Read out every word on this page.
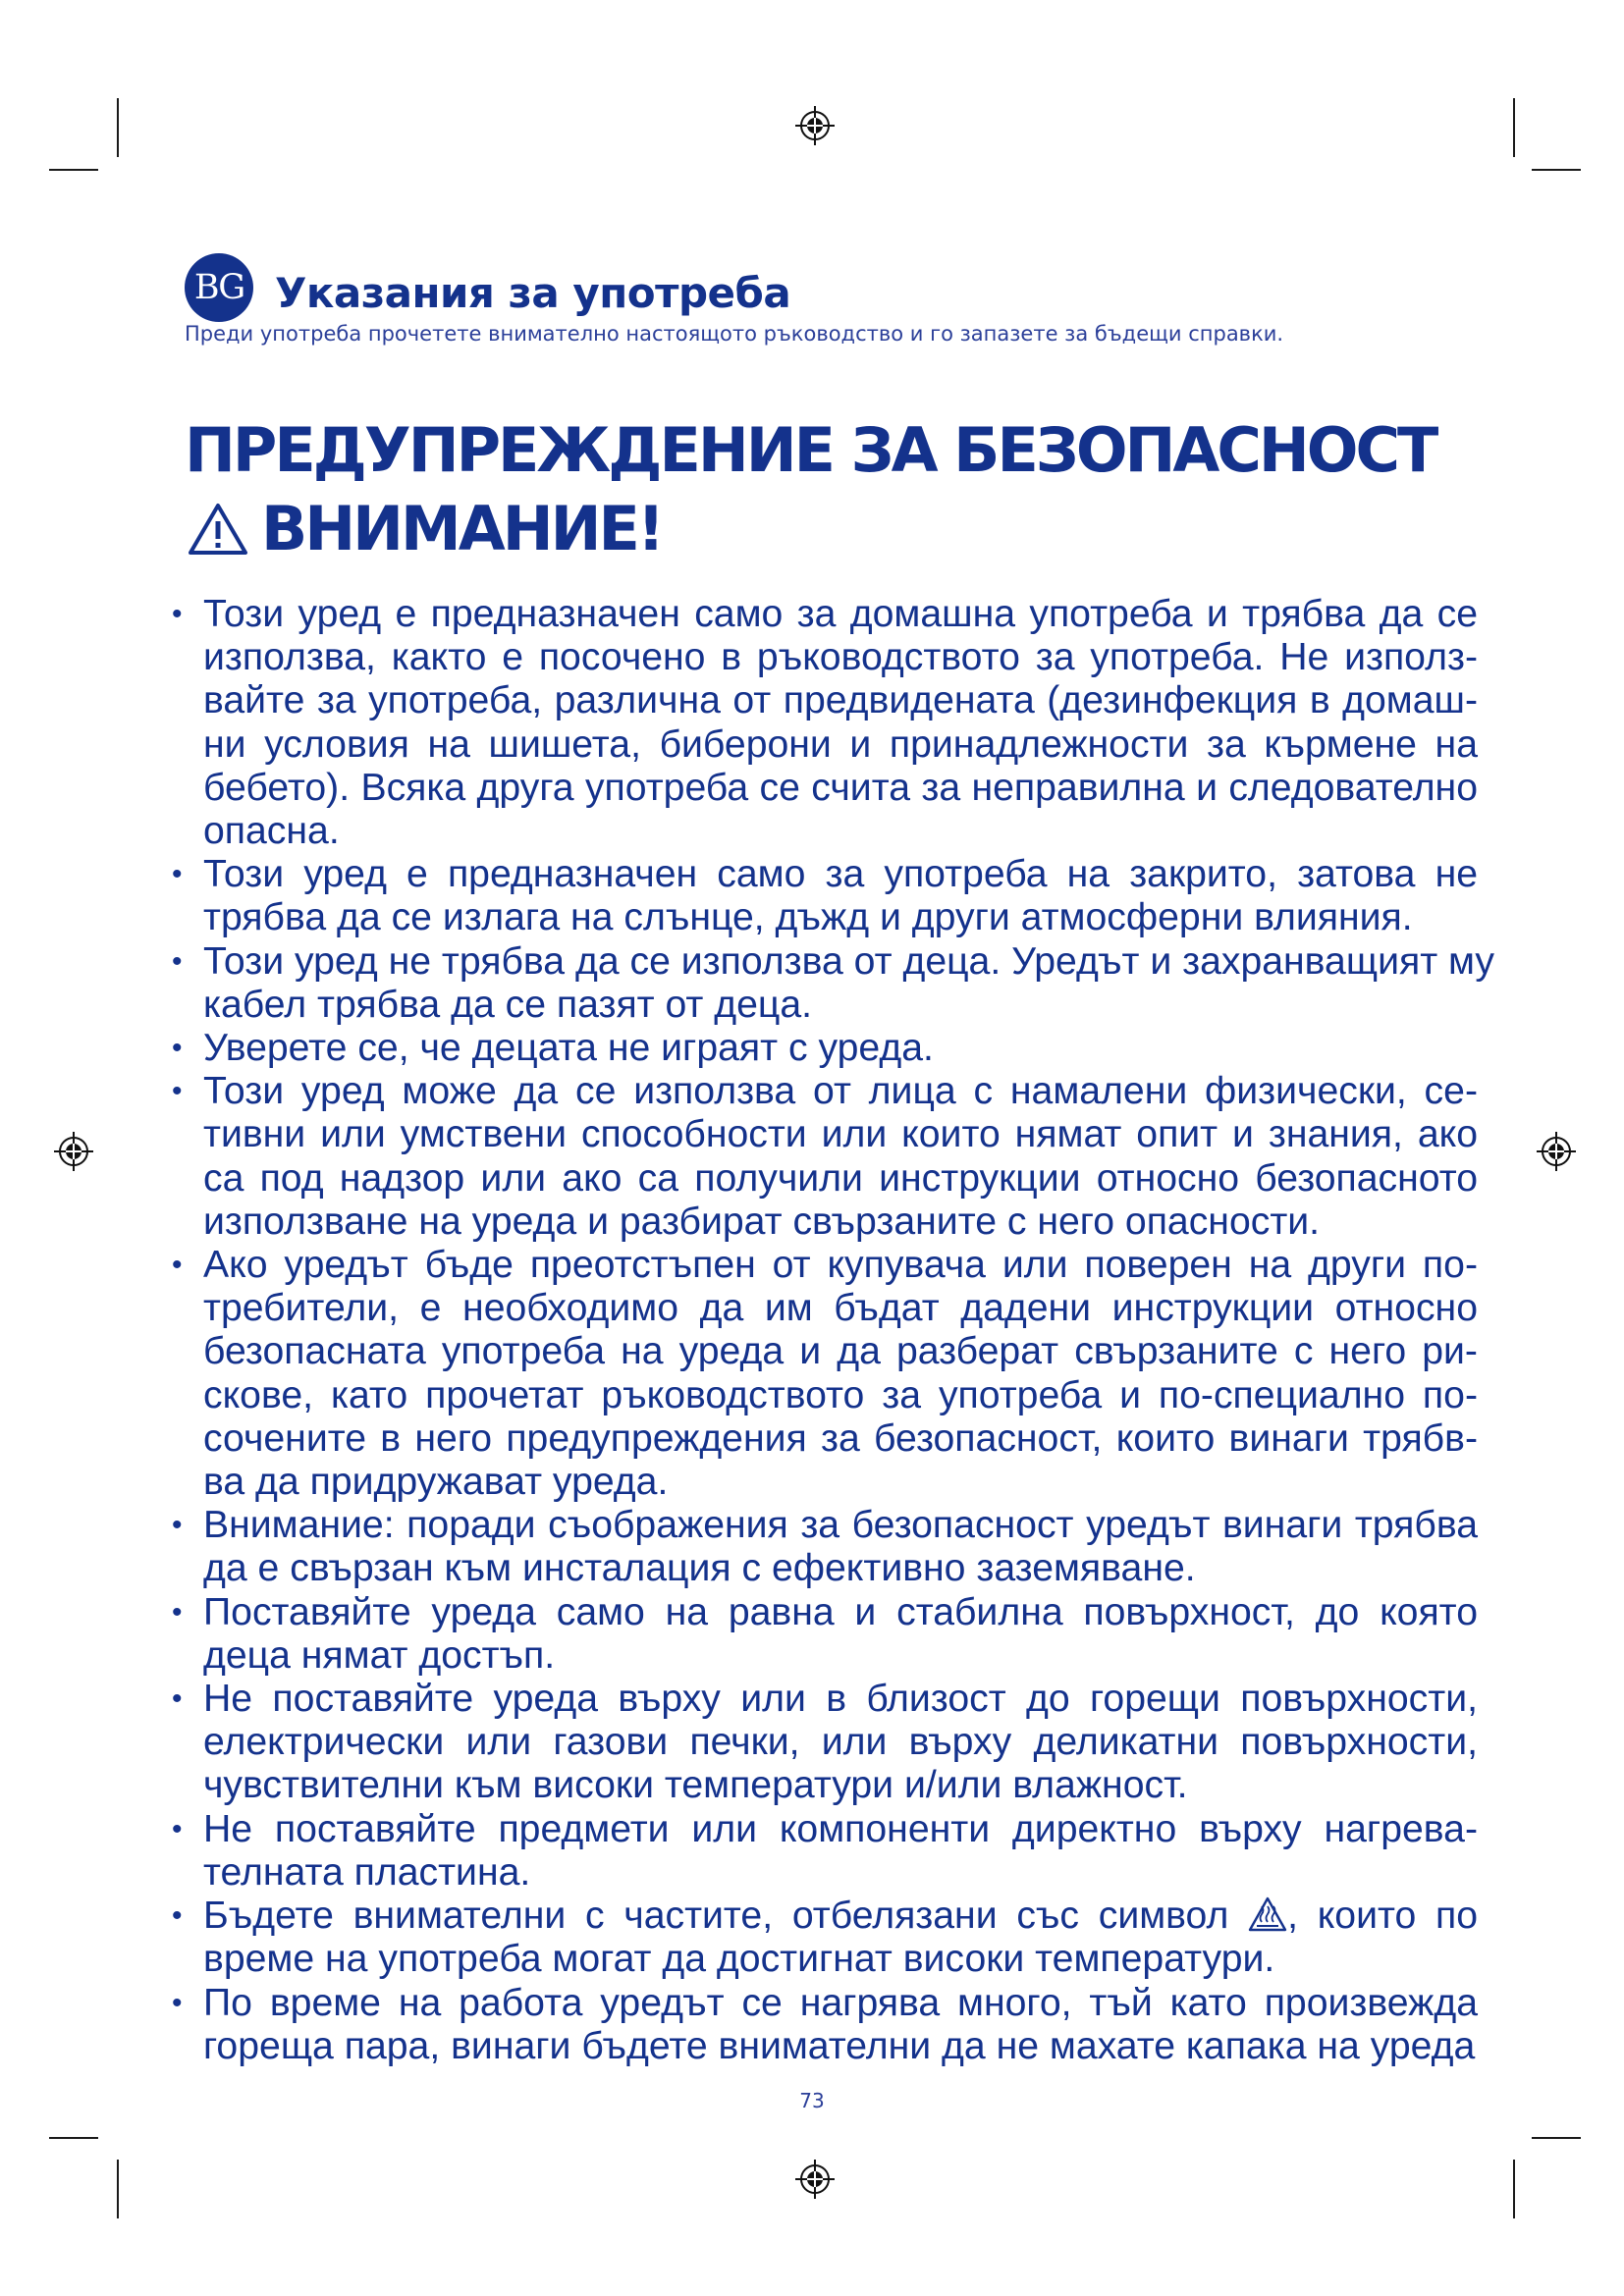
BG Указания за употреба
Преди употреба прочетете внимателно настоящото ръководство и го запазете за бъдещи справки.
ПРЕДУПРЕЖДЕНИЕ ЗА БЕЗОПАСНОСТ
ВНИМАНИЕ!
• Този уред е предназначен само за домашна употреба и трябва да се
използва, както е посочено в ръководството за употреба. Не използ-
вайте за употреба, различна от предвидената (дезинфекция в домаш-
ни условия на шишета, биберони и принадлежности за кърмене на
бебето). Всяка друга употреба се счита за неправилна и следователно
опасна.
• Този уред е предназначен само за употреба на закрито, затова не
трябва да се излага на слънце, дъжд и други атмосферни влияния.
• Този уред не трябва да се използва от деца. Уредът и захранващият му
кабел трябва да се пазят от деца.
• Уверете се, че децата не играят с уреда.
• Този уред може да се използва от лица с намалени физически, се-
тивни или умствени способности или които нямат опит и знания, ако
са под надзор или ако са получили инструкции относно безопасното
използване на уреда и разбират свързаните с него опасности.
• Ако уредът бъде преотстъпен от купувача или поверен на други по-
требители, е необходимо да им бъдат дадени инструкции относно
безопасната употреба на уреда и да разберат свързаните с него ри-
скове, като прочетат ръководството за употреба и по-специално по-
сочените в него предупреждения за безопасност, които винаги трябв-
ва да придружават уреда.
• Внимание: поради съображения за безопасност уредът винаги трябва
да е свързан към инсталация с ефективно заземяване.
• Поставяйте уреда само на равна и стабилна повърхност, до която
деца нямат достъп.
• Не поставяйте уреда върху или в близост до горещи повърхности,
електрически или газови печки, или върху деликатни повърхности,
чувствителни към високи температури и/или влажност.
• Не поставяйте предмети или компоненти директно върху нагрева-
телната пластина.
• Бъдете внимателни с частите, отбелязани със символ , които по
време на употреба могат да достигнат високи температури.
• По време на работа уредът се нагрява много, тъй като произвежда
гореща пара, винаги бъдете внимателни да не махате капака на уреда
73
